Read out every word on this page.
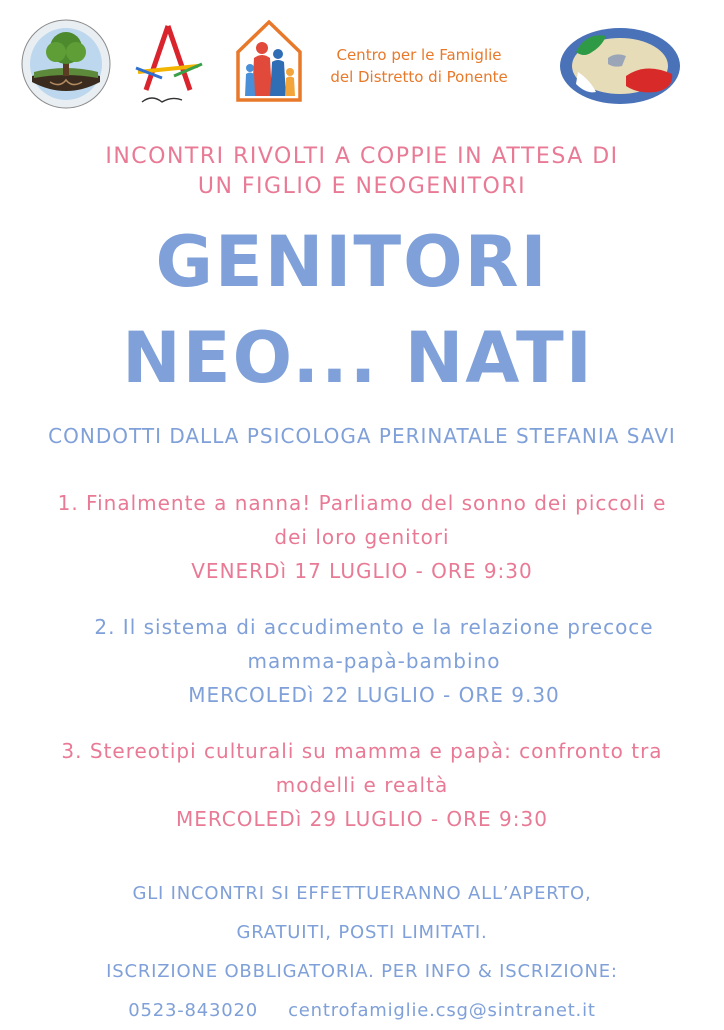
Centro per le Famiglie
del Distretto di Ponente
INCONTRI RIVOLTI A COPPIE IN ATTESA DI
UN FIGLIO E NEOGENITORI
GENITORI
NEO... NATI
CONDOTTI DALLA PSICOLOGA PERINATALE STEFANIA SAVI
1. Finalmente a nanna! Parliamo del sonno dei piccoli e
dei loro genitori
VENERDì 17 LUGLIO - ORE 9:30
2. Il sistema di accudimento e la relazione precoce
mamma-papà-bambino
MERCOLEDì 22 LUGLIO - ORE 9.30
3. Stereotipi culturali su mamma e papà: confronto tra
modelli e realtà
MERCOLEDì 29 LUGLIO - ORE 9:30
GLI INCONTRI SI EFFETTUERANNO ALL’APERTO,
GRATUITI, POSTI LIMITATI.
ISCRIZIONE OBBLIGATORIA. PER INFO & ISCRIZIONE:
0523-843020 centrofamiglie.csg@sintranet.it
